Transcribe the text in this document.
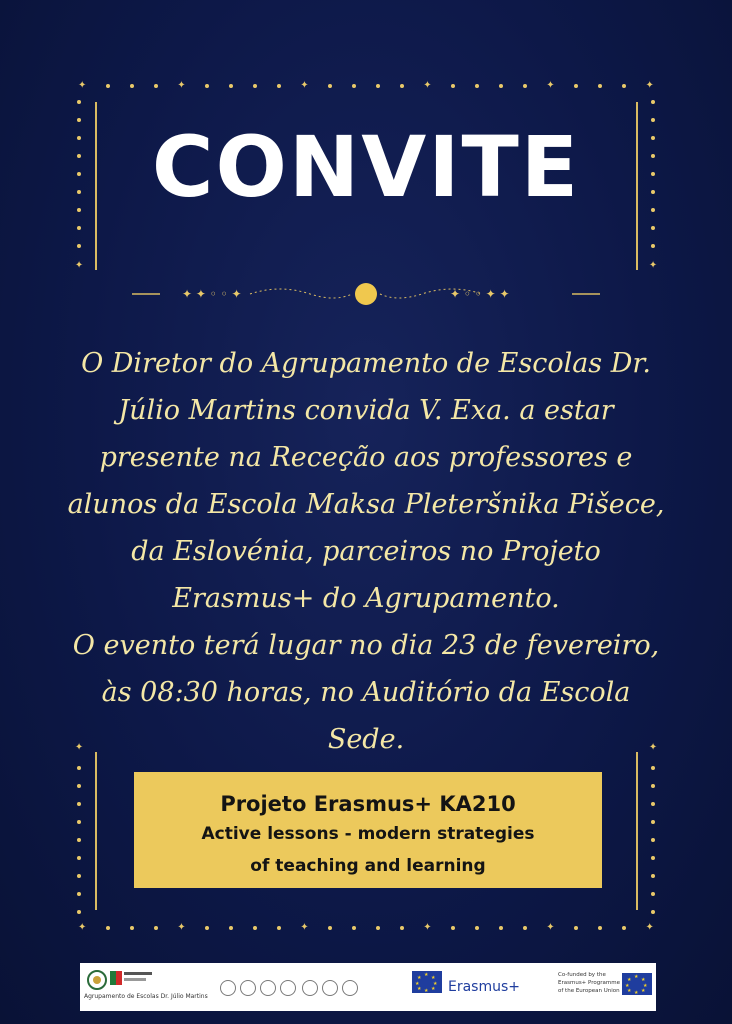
✦	✦	✦	✦	✦	✦
✦	✦
CONVITE
✦ ✦ ◦ ◦ ✦	✦ ◦ ◦ ✦ ✦

O Diretor do Agrupamento de Escolas Dr. Júlio Martins convida V. Exa. a estar presente na Receção aos professores e alunos da Escola Maksa Pleteršnika Pišece, da Eslovénia, parceiros no Projeto Erasmus+ do Agrupamento.

O evento terá lugar no dia 23 de fevereiro, às 08:30 horas, no Auditório da Escola Sede.

✦	✦
✦	✦	✦	✦	✦	✦
Projeto Erasmus+ KA210
Active lessons - modern strategies
of teaching and learning
Agrupamento de Escolas Dr. Júlio Martins
★ ★
★
★
★
★
★
★
Erasmus+
Co-funded by the Erasmus+ Programme of the European Union
★ ★
★
★
★
★
★
★
